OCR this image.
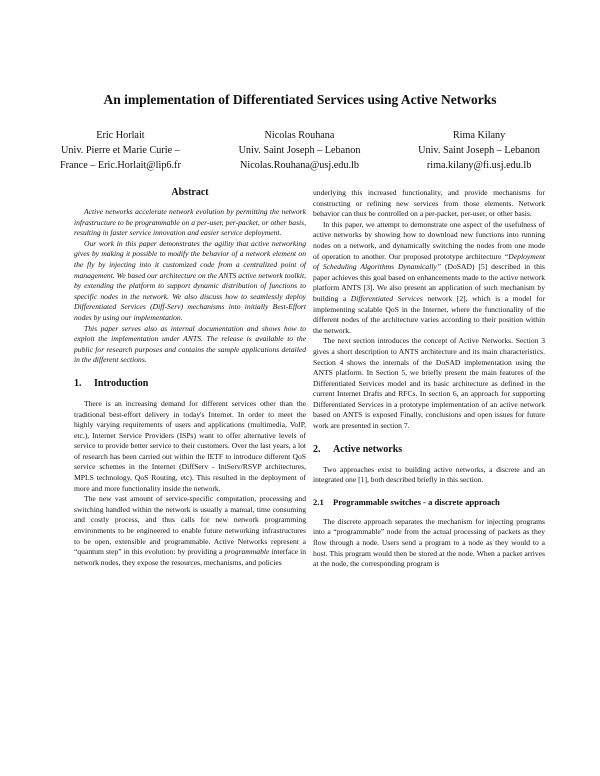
An implementation of Differentiated Services using Active Networks
Eric Horlait
Univ. Pierre et Marie Curie –
France – Eric.Horlait@lip6.fr
Nicolas Rouhana
Univ. Saint Joseph – Lebanon
Nicolas.Rouhana@usj.edu.lb
Rima Kilany
Univ. Saint Joseph – Lebanon
rima.kilany@fi.usj.edu.lb
Abstract

Active networks accelerate network evolution by permitting the network infrastructure to be programmable on a per-user, per-packet, or other basis, resulting in faster service innovation and easier service deployment.

Our work in this paper demonstrates the agility that active networking gives by making it possible to modify the behavior of a network element on the fly by injecting into it customized code from a centralized point of management. We based our architecture on the ANTS active network toolkit, by extending the platform to support dynamic distribution of functions to specific nodes in the network. We also discuss how to seamlessly deploy Differentiated Services (Diff-Serv) mechanisms into initially Best-Effort nodes by using our implementation.

This paper serves also as internal documentation and shows how to exploit the implementation under ANTS. The release is available to the public for research purposes and contains the sample applications detailed in the different sections.

1.	Introduction

There is an increasing demand for different services other than the traditional best-effort delivery in today's Internet. In order to meet the highly varying requirements of users and applications (multimedia, VoIP, etc.), Internet Service Providers (ISPs) want to offer alternative levels of service to provide better service to their customers. Over the last years, a lot of research has been carried out within the IETF to introduce different QoS service schemes in the Internet (DiffServ - IntServ/RSVP architectures, MPLS technology, QoS Routing, etc). This resulted in the deployment of more and more functionality inside the network.

The new vast amount of service-specific computation, processing and switching handled within the network is usually a manual, time consuming and costly process, and thus calls for new network programming environments to be engineered to enable future networking infrastructures to be open, extensible and programmable. Active Networks represent a “quantum step” in this evolution: by providing a programmable interface in network nodes, they expose the resources, mechanisms, and policies

underlying this increased functionality, and provide mechanisms for constructing or refining new services from those elements. Network behavior can thus be controlled on a per-packet, per-user, or other basis.

In this paper, we attempt to demonstrate one aspect of the usefulness of active networks by showing how to download new functions into running nodes on a network, and dynamically switching the nodes from one mode of operation to another. Our proposed prototype architecture “Deployment of Scheduling Algorithms Dynamically” (DoSAD) [5] described in this paper achieves this goal based on enhancements made to the active network platform ANTS [3]. We also present an application of such mechanism by building a Differentiated Services network [2], which is a model for implementing scalable QoS in the Internet, where the functionality of the different nodes of the architecture varies according to their position within the network.

The next section introduces the concept of Active Networks. Section 3 gives a short description to ANTS architecture and its main characteristics. Section 4 shows the internals of the DoSAD implementation using the ANTS platform. In Section 5, we briefly present the main features of the Differentiated Services model and its basic architecture as defined in the current Internet Drafts and RFCs. In section 6, an approach for supporting Differentiated Services in a prototype implementation of an active network based on ANTS is exposed Finally, conclusions and open issues for future work are presented in section 7.

2.	Active networks

Two approaches exist to building active networks, a discrete and an integrated one [1], both described briefly in this section.

2.1	Programmable switches - a discrete approach

The discrete approach separates the mechanism for injecting programs into a “programmable” node from the actual processing of packets as they flow through a node. Users send a program to a node as they would to a host. This program would then be stored at the node. When a packet arrives at the node, the corresponding program is
